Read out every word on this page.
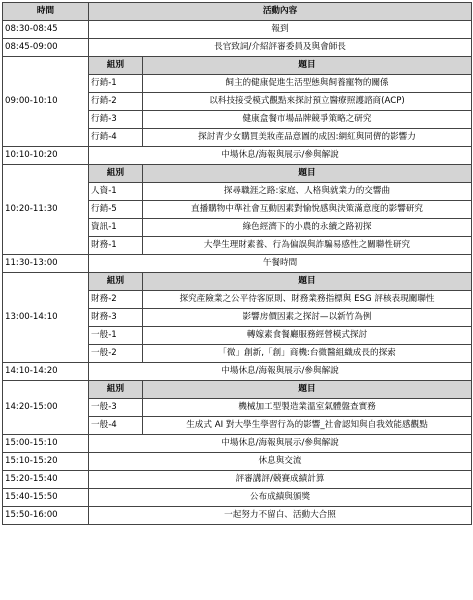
時間	活動內容	
08:30-08:45	報到	
08:45-09:00	長官致詞/介紹評審委員及與會師長	
09:00-10:10	組別	題目
	行銷-1	飼主的健康促進生活型態與飼養寵物的關係
	行銷-2	以科技接受模式觀點來探討預立醫療照護諮商(ACP)
	行銷-3	健康盒餐市場品牌競爭策略之研究
	行銷-4	探討青少女購買美妝產品意圖的成因:網紅與同儕的影響力
10:10-10:20	中場休息/海報與展示/參與解說	
10:20-11:30	組別	題目
	人資-1	探尋職涯之路:家庭、人格與就業力的交響曲
	行銷-5	直播購物中準社會互動因素對愉悅感與決策滿意度的影響研究
	資訊-1	綠色經濟下的小農的永續之路初探
	財務-1	大學生理財素養、行為偏誤與詐騙易感性之關聯性研究
11:30-13:00	午餐時間	
13:00-14:10	組別	題目
	財務-2	探究產險業之公平待客原則、財務業務指標與 ESG 評核表現關聯性
	財務-3	影響房價因素之探討—以新竹為例
	一般-1	轉嫁素食餐廳服務經營模式探討
	一般-2	「微」創新,「創」商機:台微醫組織成長的探索
14:10-14:20	中場休息/海報與展示/參與解說	
14:20-15:00	組別	題目
	一般-3	機械加工型製造業溫室氣體盤查實務
	一般-4	生成式 AI 對大學生學習行為的影響_社會認知與自我效能感觀點
15:00-15:10	中場休息/海報與展示/參與解說	
15:10-15:20	休息與交流	
15:20-15:40	評審講評/競賽成績計算	
15:40-15:50	公布成績與頒獎	
15:50-16:00	一起努力不留白、活動大合照	
